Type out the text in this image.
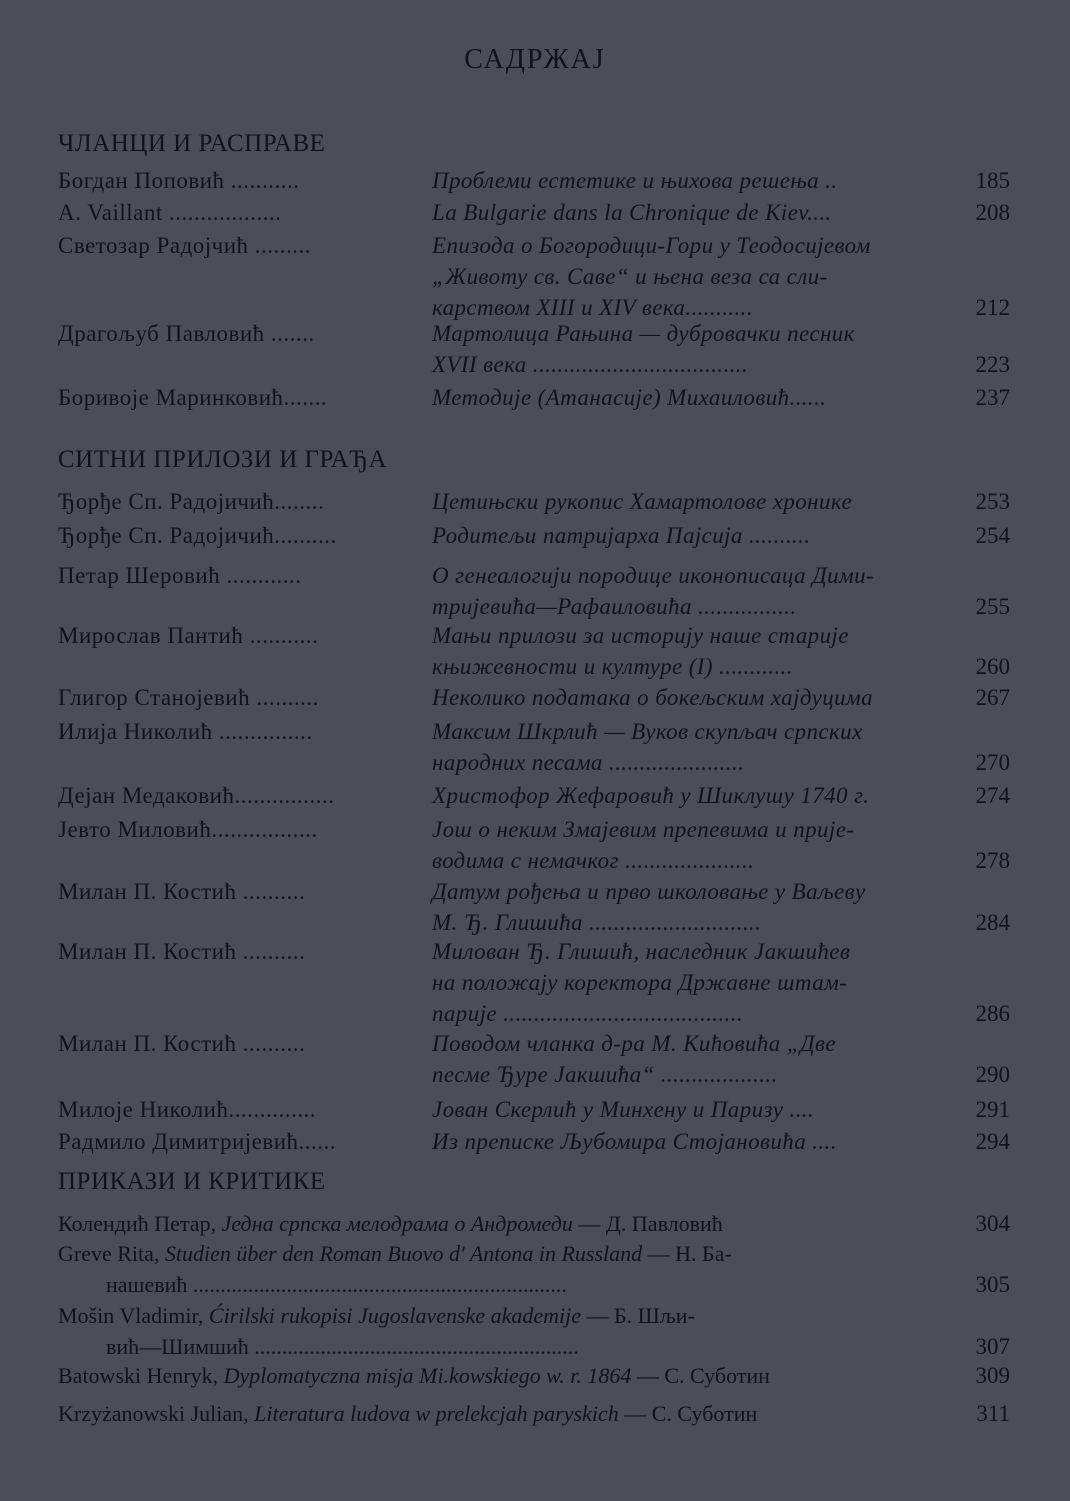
САДРЖАЈ
ЧЛАНЦИ И РАСПРАВЕ
Богдан Поповић ...........	Проблеми естетике и њихова решења ..	185
A. Vaillant ..................	La Bulgarie dans la Chronique de Kiev....	208
Светозар Радојчић .........	Епизода о Богородици-Гори у Теодосијевом
„Животу св. Саве“ и њена веза са сли-
карством XIII и XIV века...........	212
Драгољуб Павловић .......	Мартолица Рањина — дубровачки песник
XVII века ...................................	223
Боривоје Маринковић.......	Методије (Атанасије) Михаиловић......	237
СИТНИ ПРИЛОЗИ И ГРАЂА
Ђорђе Сп. Радојичић........	Цетињски рукопис Хамартолове хронике	253
Ђорђе Сп. Радојичић..........	Родитељи патријарха Пајсија ..........	254
Петар Шеровић ............	О генеалогији породице иконописаца Дими-
тријевића—Рафаиловића ................	255
Мирослав Пантић ...........	Мањи прилози за историју наше старије
књижевности и културе (I) ............	260
Глигор Станојевић ..........	Неколико података о бокељским хајдуцима	267
Илија Николић ...............	Максим Шкрлић — Вуков скупљач српских
народних песама ......................	270
Дејан Медаковић................	Христофор Жефаровић у Шиклушу 1740 г.	274
Јевто Миловић.................	Још о неким Змајевим препевима и прије-
водима с немачког .....................	278
Милан П. Костић ..........	Датум рођења и прво школовање у Ваљеву
М. Ђ. Глишића ............................	284
Милан П. Костић ..........	Милован Ђ. Глишић, наследник Јакшићев
на положају коректора Државне штам-
парије .......................................	286
Милан П. Костић ..........	Поводом чланка д-ра М. Кићовића „Две
песме Ђуре Јакшића“ ...................	290
Милоје Николић..............	Јован Скерлић у Минхену и Паризу ....	291
Радмило Димитријевић......	Из преписке Љубомира Стојановића ....	294
ПРИКАЗИ И КРИТИКЕ
Колендић Петар, Једна српска мелодрама о Андромеди — Д. Павловић	304
Greve Rita, Studien über den Roman Buovo d' Antona in Russland — Н. Ба-
нашевић ....................................................................	305
Mošin Vladimir, Ćirilski rukopisi Jugoslavenske akademije — Б. Шљи-
вић—Шимшић ...........................................................	307
Batowski Henryk, Dyplomatyczna misja Mi.kowskiego w. r. 1864 — С. Суботин	309
Krzyżanowski Julian, Literatura ludova w prelekcjah paryskich — С. Суботин	311
